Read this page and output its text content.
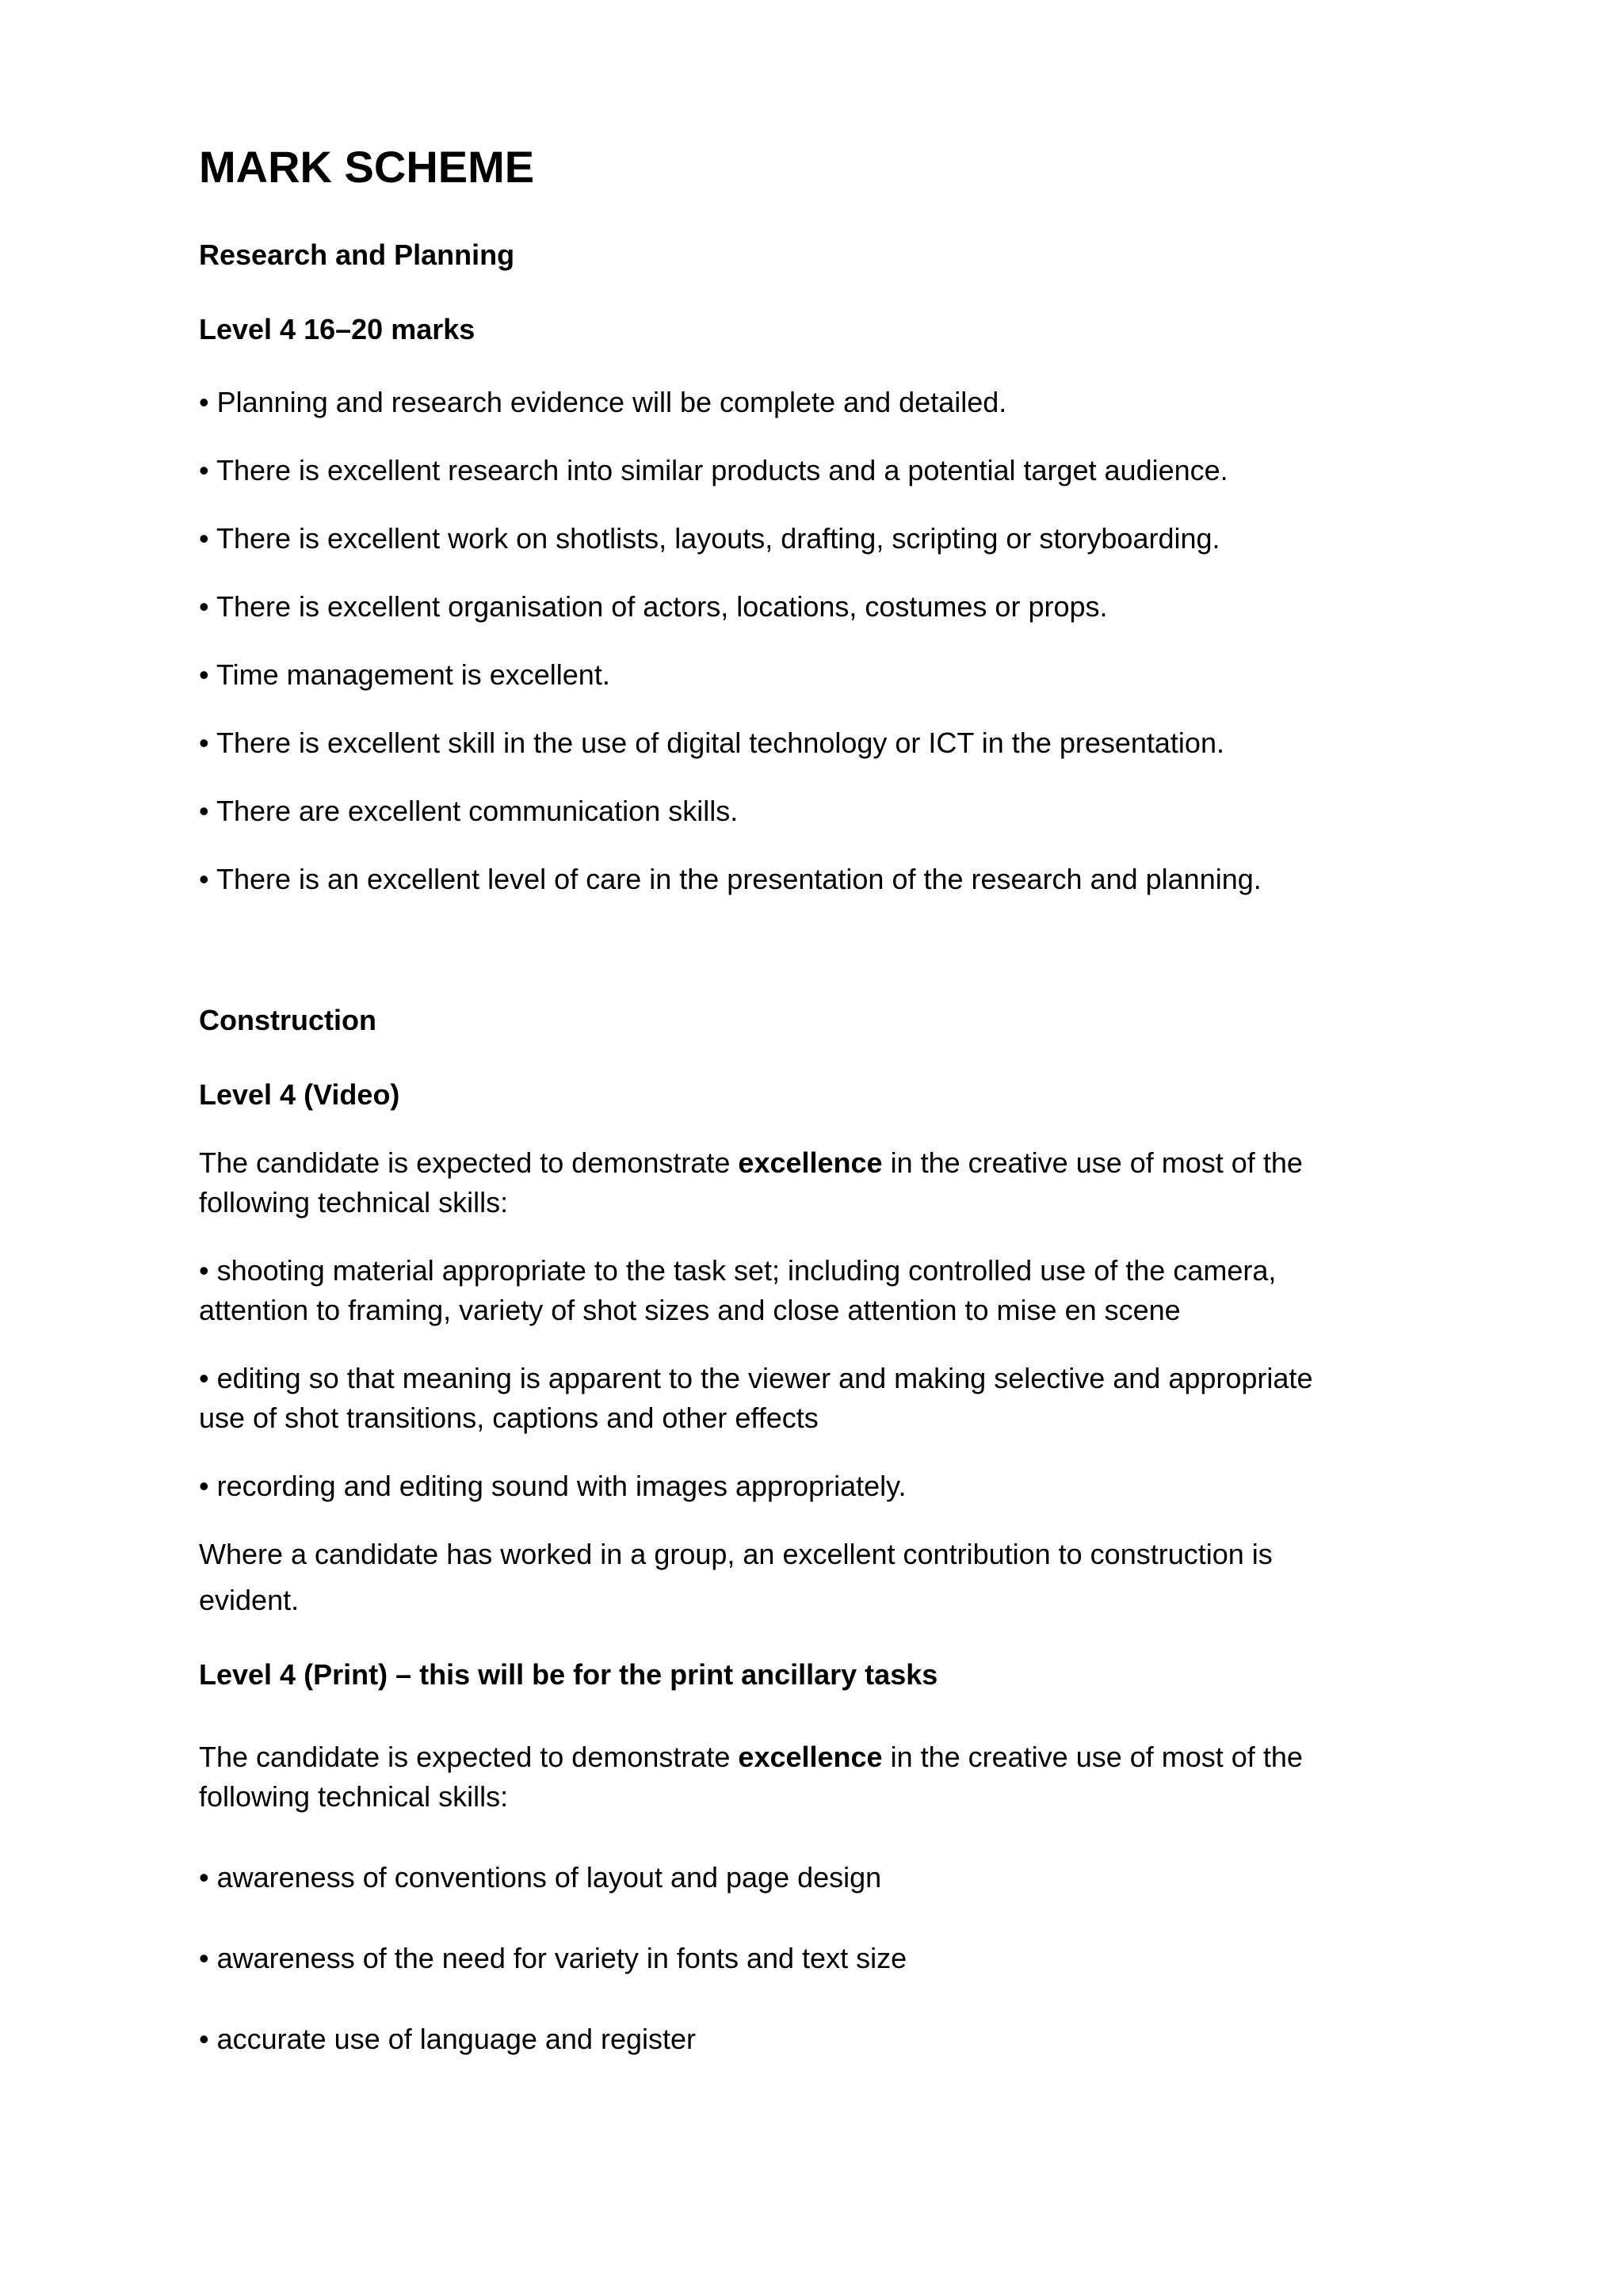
MARK SCHEME

Research and Planning

Level 4 16–20 marks

• Planning and research evidence will be complete and detailed.

• There is excellent research into similar products and a potential target audience.

• There is excellent work on shotlists, layouts, drafting, scripting or storyboarding.

• There is excellent organisation of actors, locations, costumes or props.

• Time management is excellent.

• There is excellent skill in the use of digital technology or ICT in the presentation.

• There are excellent communication skills.

• There is an excellent level of care in the presentation of the research and planning.

Construction

Level 4 (Video)

The candidate is expected to demonstrate excellence in the creative use of most of the

following technical skills:

• shooting material appropriate to the task set; including controlled use of the camera,

attention to framing, variety of shot sizes and close attention to mise en scene

• editing so that meaning is apparent to the viewer and making selective and appropriate

use of shot transitions, captions and other effects

• recording and editing sound with images appropriately.

Where a candidate has worked in a group, an excellent contribution to construction is

evident.

Level 4 (Print) – this will be for the print ancillary tasks

The candidate is expected to demonstrate excellence in the creative use of most of the

following technical skills:

• awareness of conventions of layout and page design

• awareness of the need for variety in fonts and text size

• accurate use of language and register
